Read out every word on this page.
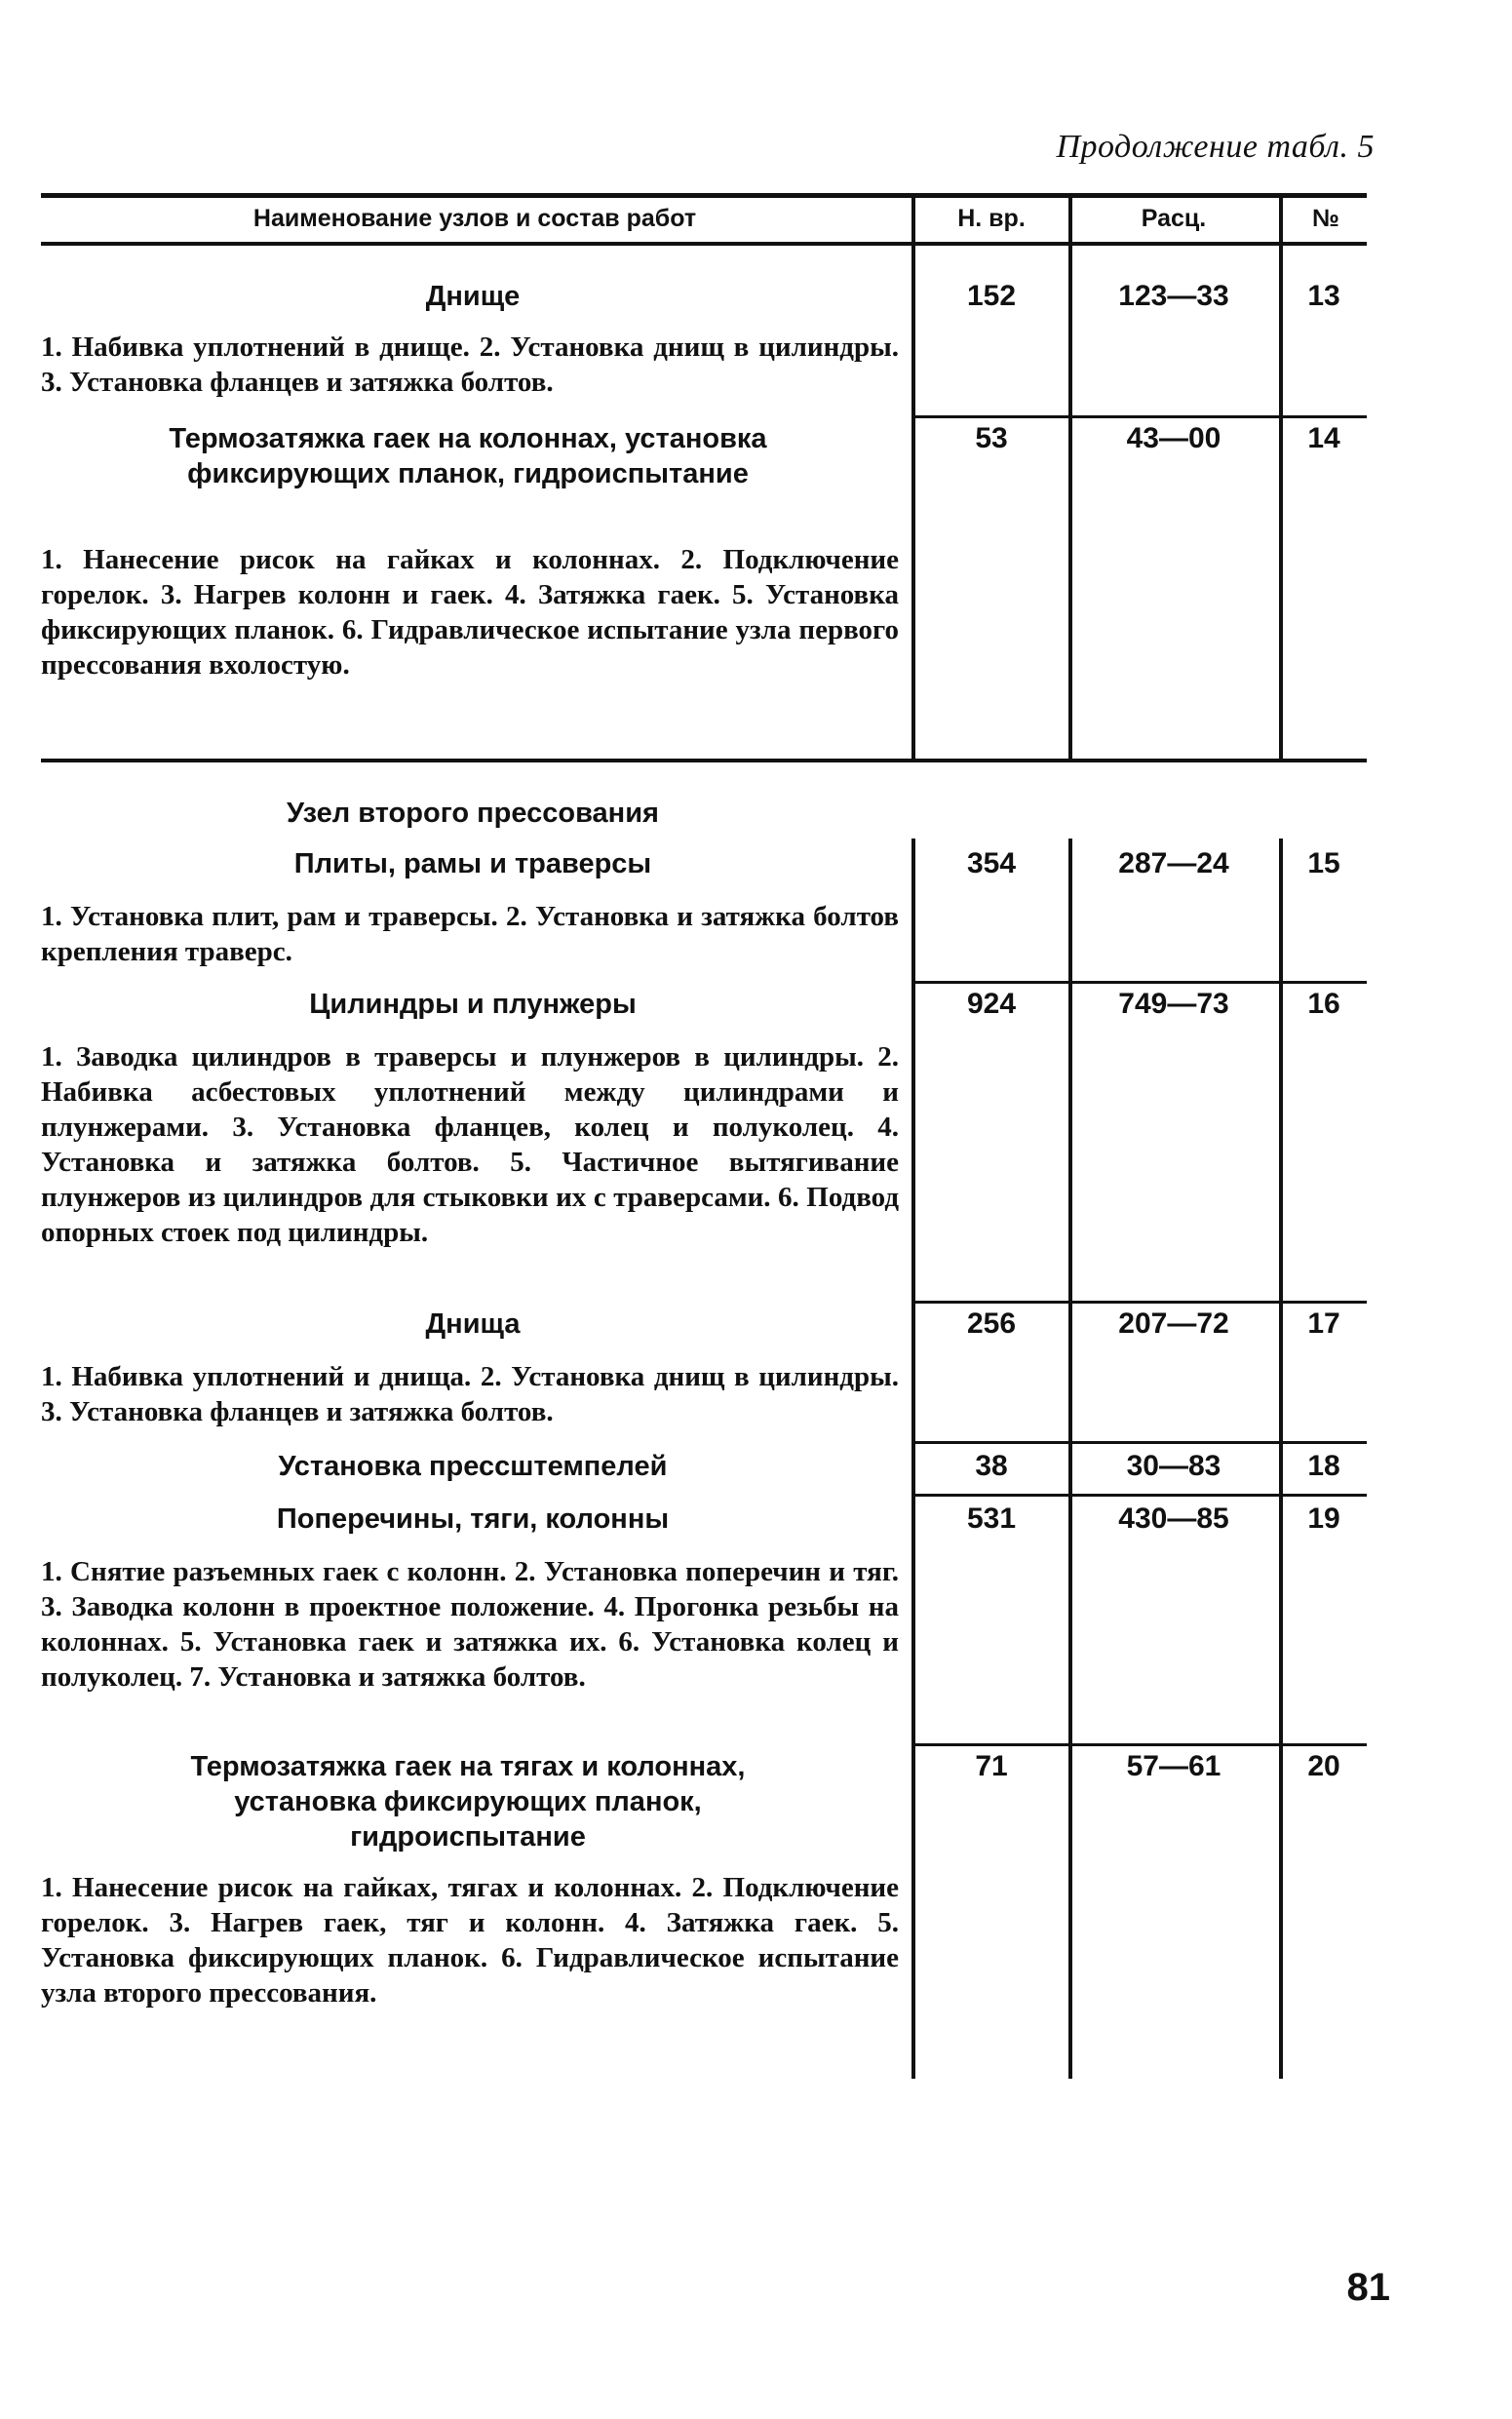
Продолжение табл. 5
Наименование узлов и состав работ	Н. вр.	Расц.	№
Днище
1. Набивка уплотнений в днище. 2. Установка днищ в цилиндры. 3. Установка фланцев и затяжка болтов.
152	123—33	13
Термозатяжка гаек на колоннах, установка фиксирующих планок, гидроиспытание
1. Нанесение рисок на гайках и колоннах. 2. Подключение горелок. 3. Нагрев колонн и гаек. 4. Затяжка гаек. 5. Установка фиксирующих планок. 6. Гидравлическое испытание узла первого прессования вхолостую.
53	43—00	14
Узел второго прессования
Плиты, рамы и траверсы
1. Установка плит, рам и траверсы. 2. Установка и затяжка болтов крепления траверс.
354	287—24	15
Цилиндры и плунжеры
1. Заводка цилиндров в траверсы и плунжеров в цилиндры. 2. Набивка асбестовых уплотнений между цилиндрами и плунжерами. 3. Установка фланцев, колец и полуколец. 4. Установка и затяжка болтов. 5. Частичное вытягивание плунжеров из цилиндров для стыковки их с траверсами. 6. Подвод опорных стоек под цилиндры.
924	749—73	16
Днища
1. Набивка уплотнений и днища. 2. Установка днищ в цилиндры. 3. Установка фланцев и затяжка болтов.
256	207—72	17
Установка прессштемпелей	38	30—83	18
Поперечины, тяги, колонны
1. Снятие разъемных гаек с колонн. 2. Установка поперечин и тяг. 3. Заводка колонн в проектное положение. 4. Прогонка резьбы на колоннах. 5. Установка гаек и затяжка их. 6. Установка колец и полуколец. 7. Установка и затяжка болтов.
531	430—85	19
Термозатяжка гаек на тягах и колоннах, установка фиксирующих планок, гидроиспытание
1. Нанесение рисок на гайках, тягах и колоннах. 2. Подключение горелок. 3. Нагрев гаек, тяг и колонн. 4. Затяжка гаек. 5. Установка фиксирующих планок. 6. Гидравлическое испытание узла второго прессования.
71	57—61	20
81
